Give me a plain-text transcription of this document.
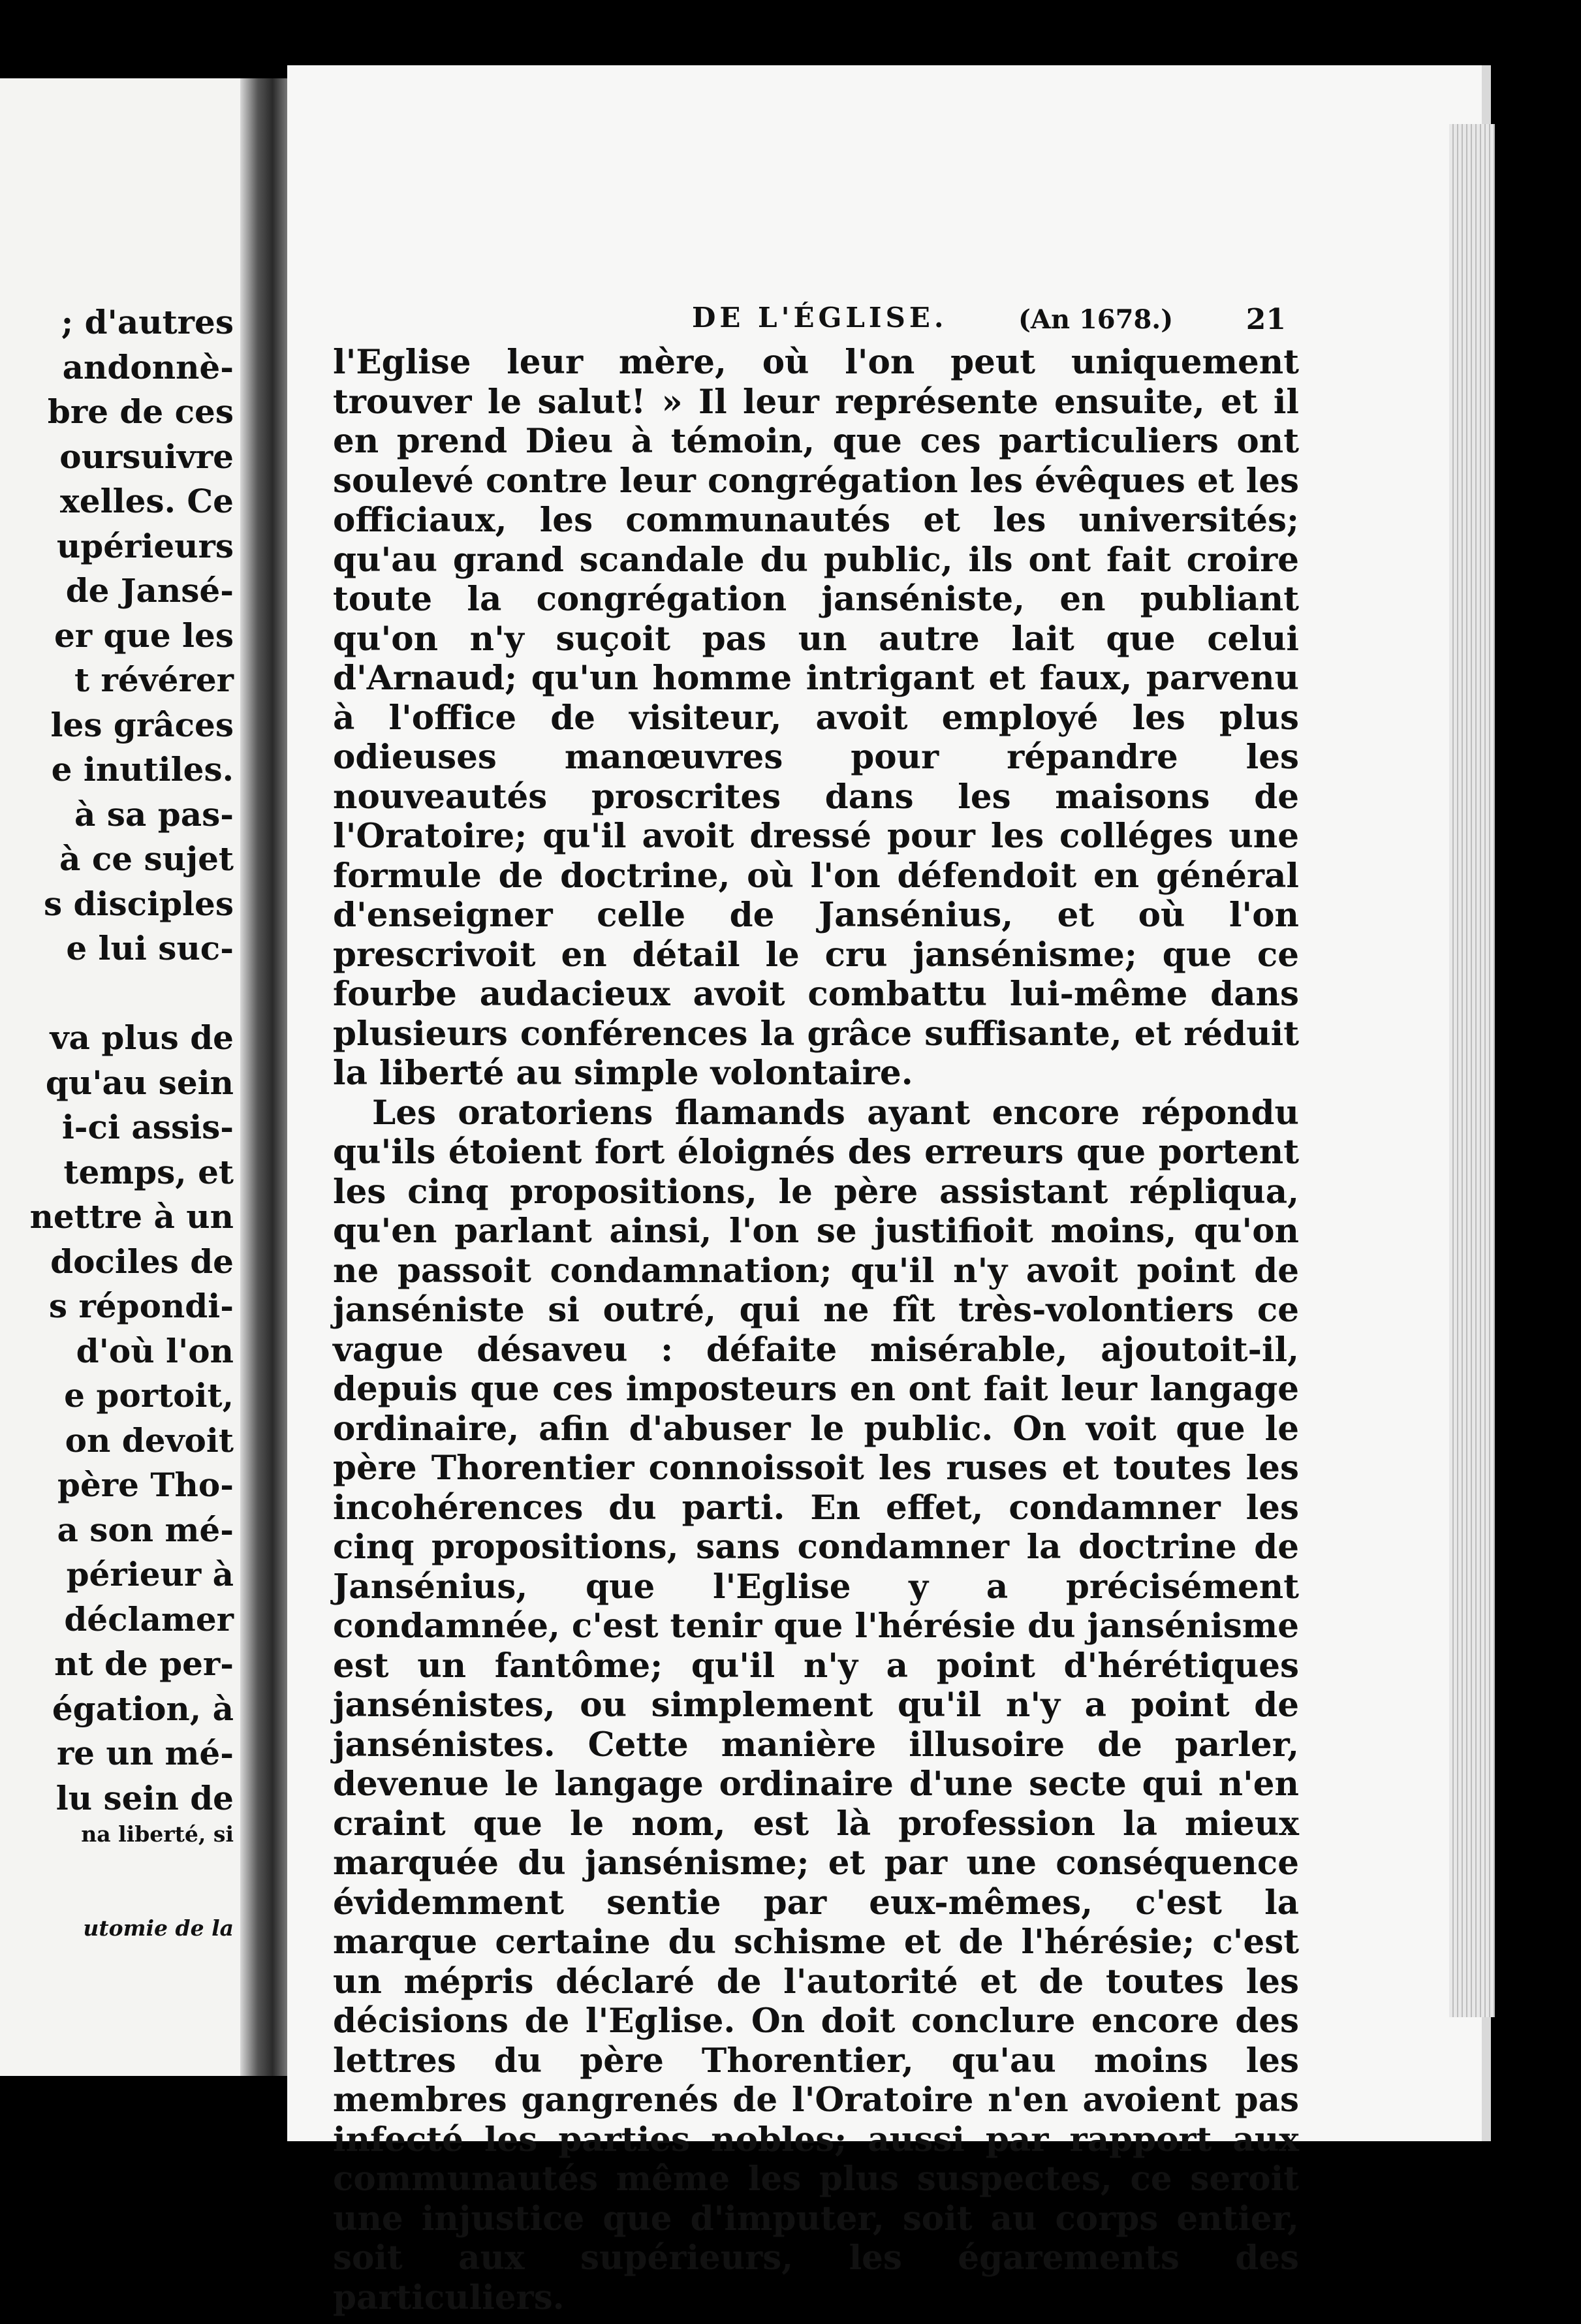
; d'autres
andonnè-
bre de ces
oursuivre
xelles. Ce
upérieurs
de Jansé-
er que les
t révérer
les grâces
e inutiles.
à sa pas-
à ce sujet
s disciples
e lui suc-

va plus de
qu'au sein
i-ci assis-
temps, et
nettre à un
dociles de
s répondi-
d'où l'on
e portoit,
on devoit
père Tho-
a son mé-
périeur à
déclamer
nt de per-
égation, à
re un mé-
lu sein de

na liberté, si

utomie de la

DE L'ÉGLISE.	(An 1678.)	21

l'Eglise leur mère, où l'on peut uniquement trouver le salut! » Il leur représente ensuite, et il en prend Dieu à témoin, que ces particuliers ont soulevé contre leur congrégation les évêques et les officiaux, les communautés et les universités; qu'au grand scandale du public, ils ont fait croire toute la congrégation janséniste, en publiant qu'on n'y suçoit pas un autre lait que celui d'Arnaud; qu'un homme intrigant et faux, parvenu à l'office de visiteur, avoit employé les plus odieuses manœuvres pour répandre les nouveautés proscrites dans les maisons de l'Oratoire; qu'il avoit dressé pour les colléges une formule de doctrine, où l'on défendoit en général d'enseigner celle de Jansénius, et où l'on prescrivoit en détail le cru jansénisme; que ce fourbe audacieux avoit combattu lui-même dans plusieurs conférences la grâce suffisante, et réduit la liberté au simple volontaire.

Les oratoriens flamands ayant encore répondu qu'ils étoient fort éloignés des erreurs que portent les cinq propositions, le père assistant répliqua, qu'en parlant ainsi, l'on se justifioit moins, qu'on ne passoit condamnation; qu'il n'y avoit point de janséniste si outré, qui ne fît très-volontiers ce vague désaveu : défaite misérable, ajoutoit-il, depuis que ces imposteurs en ont fait leur langage ordinaire, afin d'abuser le public. On voit que le père Thorentier connoissoit les ruses et toutes les incohérences du parti. En effet, condamner les cinq propositions, sans condamner la doctrine de Jansénius, que l'Eglise y a précisément condamnée, c'est tenir que l'hérésie du jansénisme est un fantôme; qu'il n'y a point d'hérétiques jansénistes, ou simplement qu'il n'y a point de jansénistes. Cette manière illusoire de parler, devenue le langage ordinaire d'une secte qui n'en craint que le nom, est là profession la mieux marquée du jansénisme; et par une conséquence évidemment sentie par eux-mêmes, c'est la marque certaine du schisme et de l'hérésie; c'est un mépris déclaré de l'autorité et de toutes les décisions de l'Eglise. On doit conclure encore des lettres du père Thorentier, qu'au moins les membres gangrenés de l'Oratoire n'en avoient pas infecté les parties nobles; aussi par rapport aux communautés même les plus suspectes, ce seroit une injustice que d'imputer, soit au corps entier, soit aux supérieurs, les égarements des particuliers.
